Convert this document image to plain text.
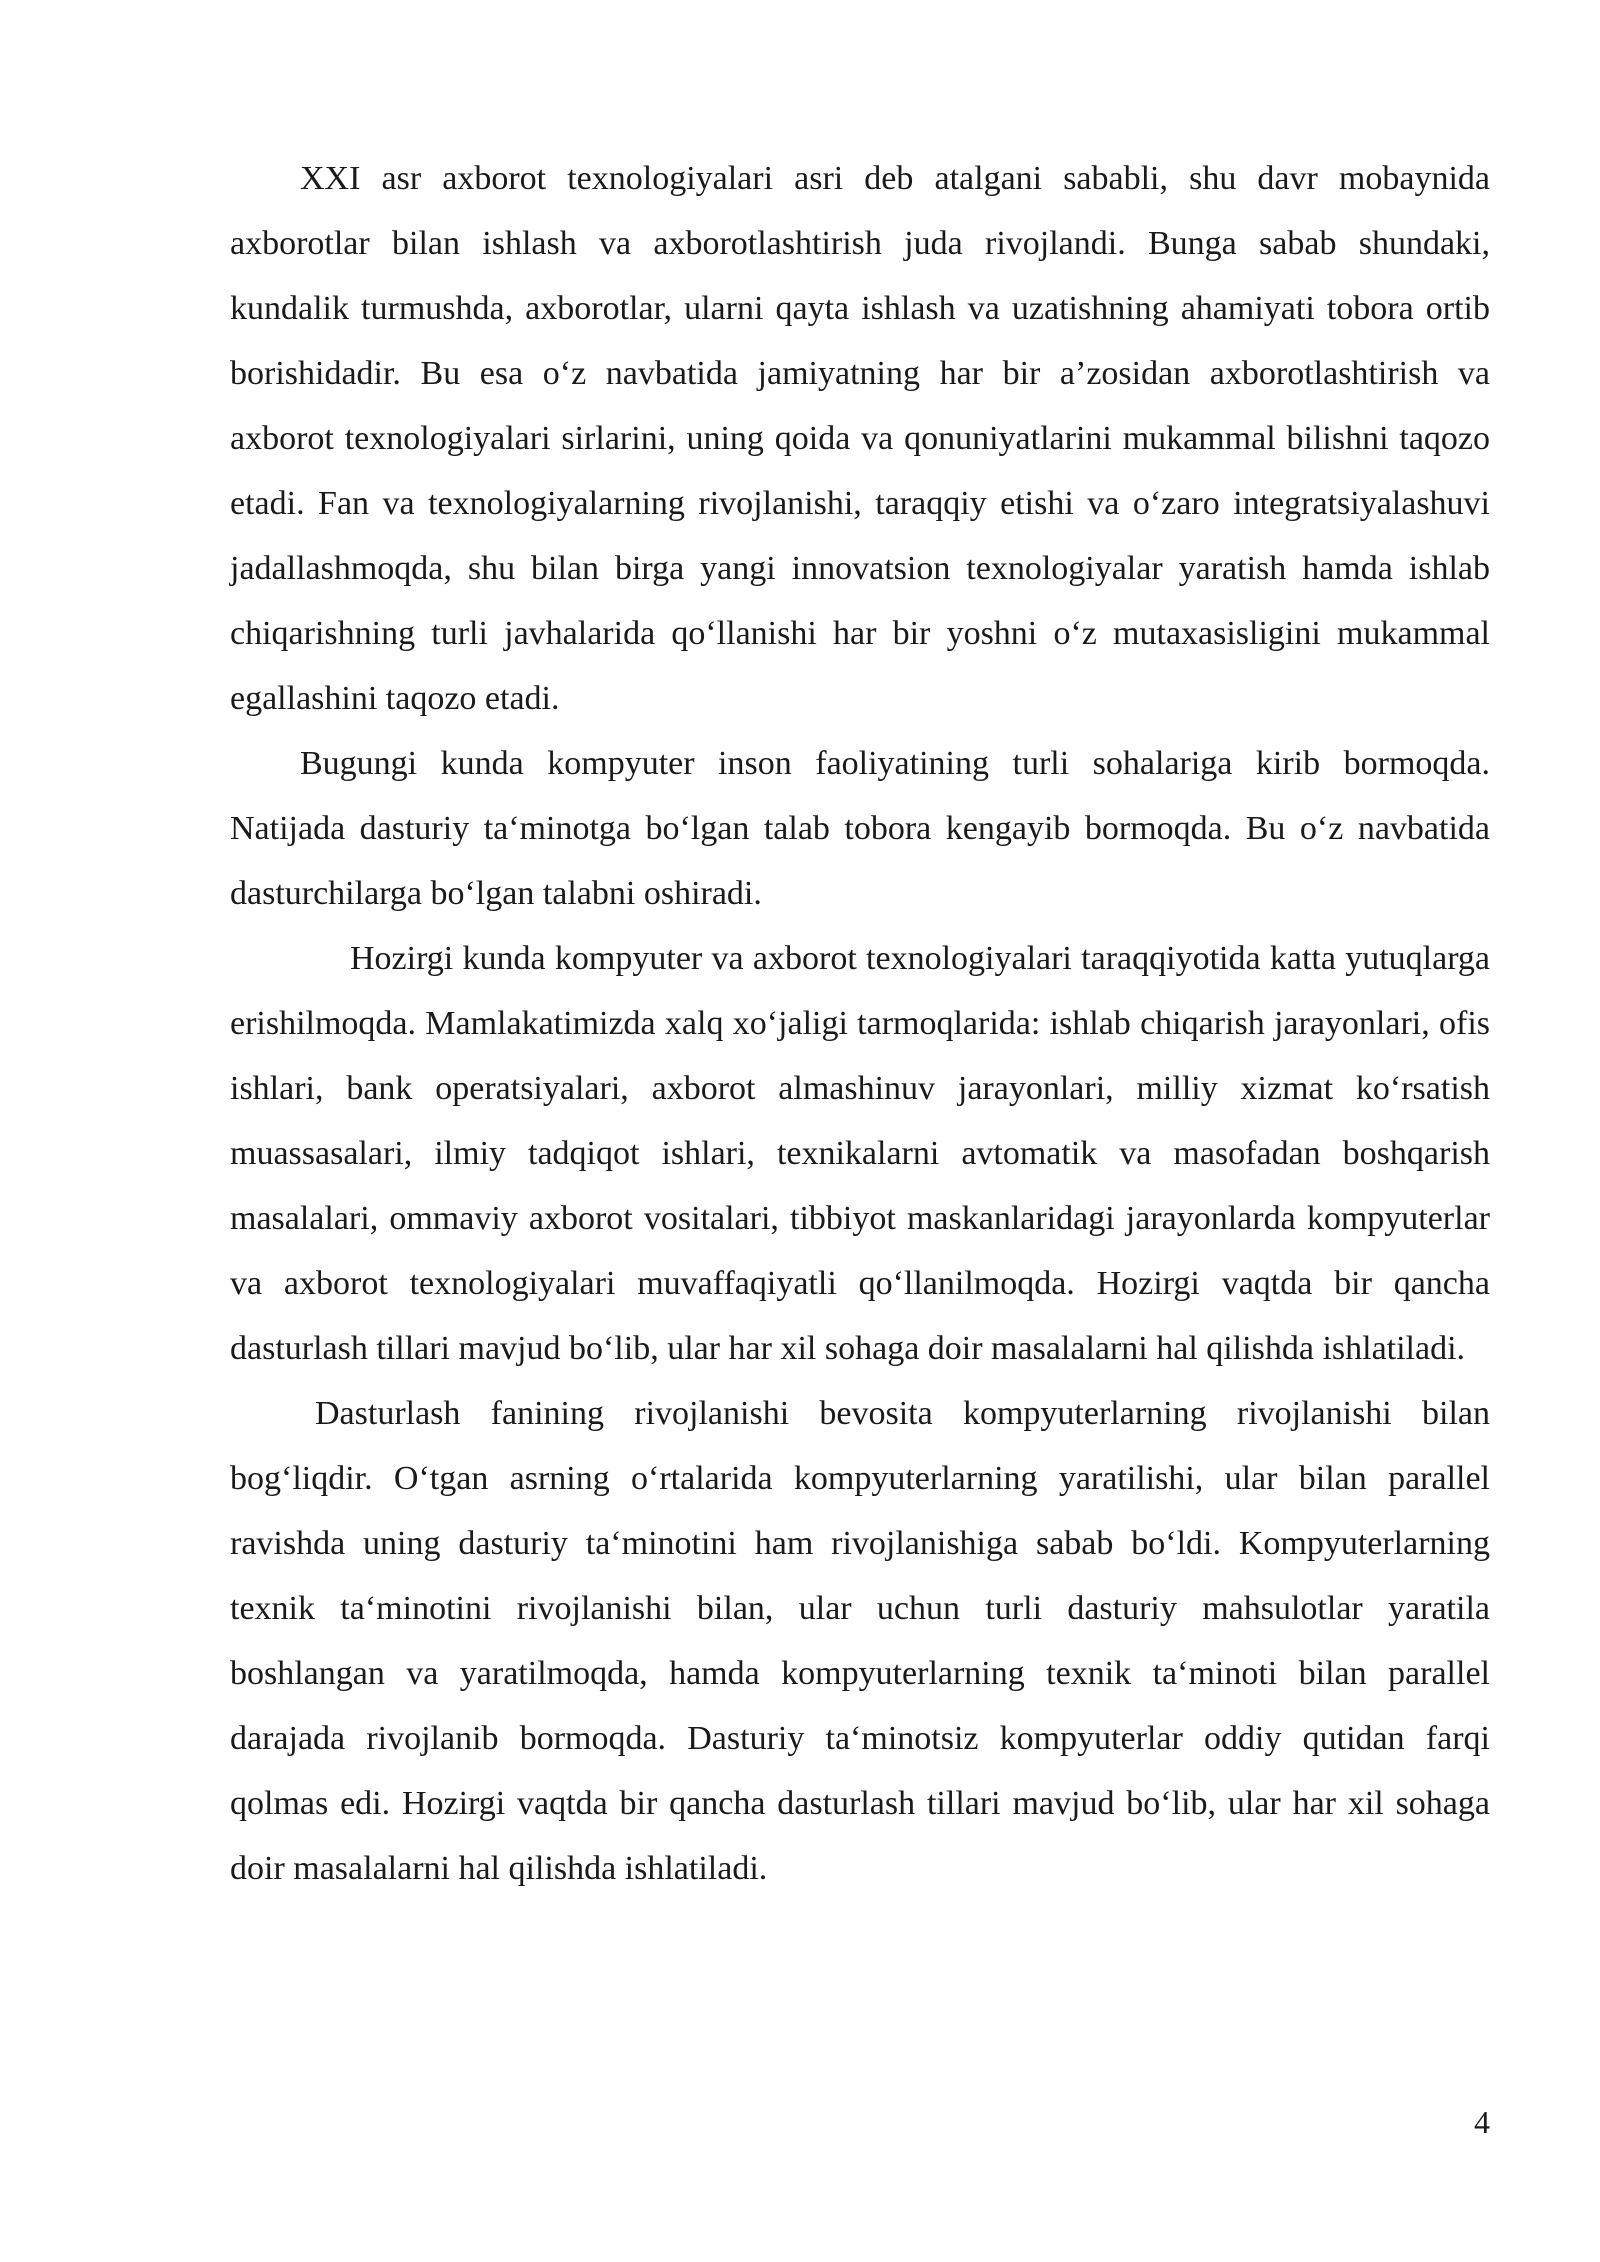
XXI asr axborot texnologiyalari asri deb atalgani sababli, shu davr mobaynida axborotlar bilan ishlash va axborotlashtirish juda rivojlandi. Bunga sabab shundaki, kundalik turmushda, axborotlar, ularni qayta ishlash va uzatishning ahamiyati tobora ortib borishidadir. Bu esa o‘z navbatida jamiyatning har bir a’zosidan axborotlashtirish va axborot texnologiyalari sirlarini, uning qoida va qonuniyatlarini mukammal bilishni taqozo etadi. Fan va texnologiyalarning rivojlanishi, taraqqiy etishi va o‘zaro integratsiyalashuvi jadallashmoqda, shu bilan birga yangi innovatsion texnologiyalar yaratish hamda ishlab chiqarishning turli javhalarida qo‘llanishi har bir yoshni o‘z mutaxasisligini mukammal egallashini taqozo etadi.

Bugungi kunda kompyuter inson faoliyatining turli sohalariga kirib bormoqda. Natijada dasturiy ta‘minotga bo‘lgan talab tobora kengayib bormoqda. Bu o‘z navbatida dasturchilarga bo‘lgan talabni oshiradi.

Hozirgi kunda kompyuter va axborot texnologiyalari taraqqiyotida katta yutuqlarga erishilmoqda. Mamlakatimizda xalq xo‘jaligi tarmoqlarida: ishlab chiqarish jarayonlari, ofis ishlari, bank operatsiyalari, axborot almashinuv jarayonlari, milliy xizmat ko‘rsatish muassasalari, ilmiy tadqiqot ishlari, texnikalarni avtomatik va masofadan boshqarish masalalari, ommaviy axborot vositalari, tibbiyot maskanlaridagi jarayonlarda kompyuterlar va axborot texnologiyalari muvaffaqiyatli qo‘llanilmoqda. Hozirgi vaqtda bir qancha dasturlash tillari mavjud bo‘lib, ular har xil sohaga doir masalalarni hal qilishda ishlatiladi.

Dasturlash fanining rivojlanishi bevosita kompyuterlarning rivojlanishi bilan bog‘liqdir. O‘tgan asrning o‘rtalarida kompyuterlarning yaratilishi, ular bilan parallel ravishda uning dasturiy ta‘minotini ham rivojlanishiga sabab bo‘ldi. Kompyuterlarning texnik ta‘minotini rivojlanishi bilan, ular uchun turli dasturiy mahsulotlar yaratila boshlangan va yaratilmoqda, hamda kompyuterlarning texnik ta‘minoti bilan parallel darajada rivojlanib bormoqda. Dasturiy ta‘minotsiz kompyuterlar oddiy qutidan farqi qolmas edi. Hozirgi vaqtda bir qancha dasturlash tillari mavjud bo‘lib, ular har xil sohaga doir masalalarni hal qilishda ishlatiladi.

4
